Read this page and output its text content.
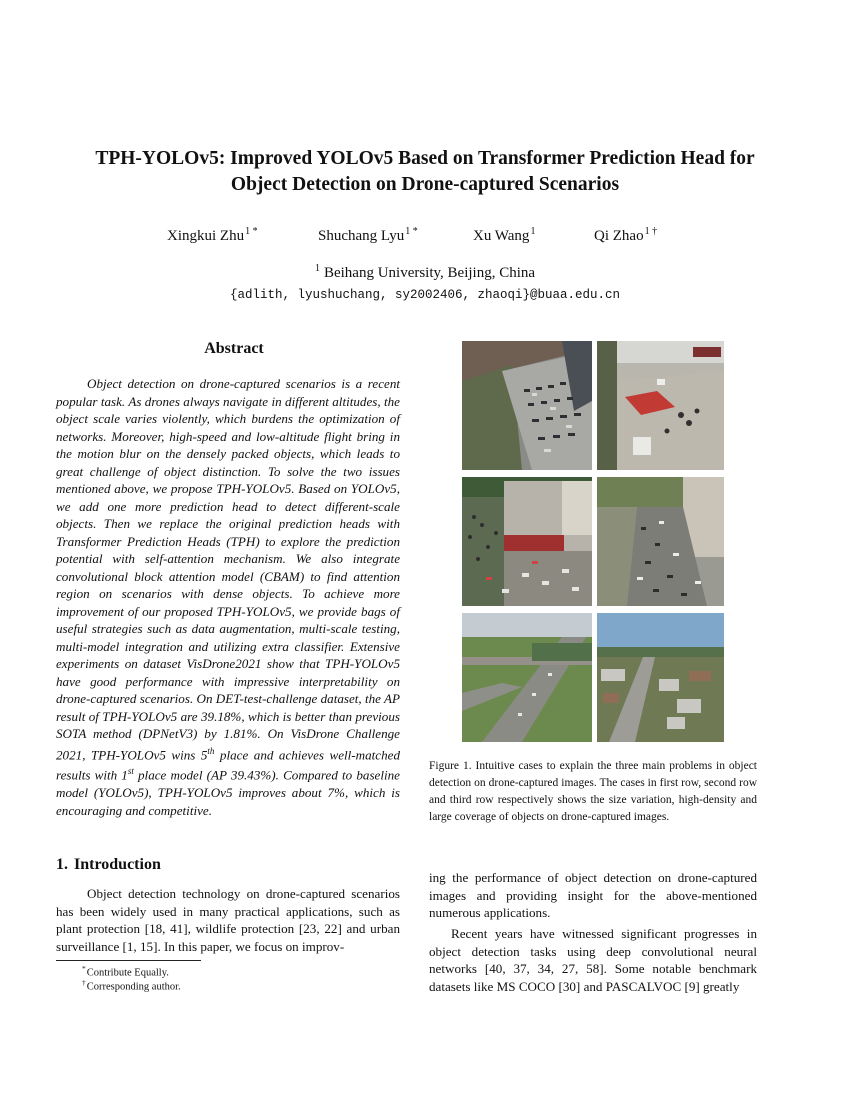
TPH-YOLOv5: Improved YOLOv5 Based on Transformer Prediction Head for
Object Detection on Drone-captured Scenarios
Xingkui Zhu$^{1 *}$	Shuchang Lyu$^{1 *}$	Xu Wang$^1$	Qi Zhao$^{1 \dagger}$
$^1$ Beihang University, Beijing, China
{adlith, lyushuchang, sy2002406, zhaoqi}@buaa.edu.cn
Abstract

Object detection on drone-captured scenarios is a recent popular task. As drones always navigate in different altitudes, the object scale varies violently, which burdens the optimization of networks. Moreover, high-speed and low-altitude flight bring in the motion blur on the densely packed objects, which leads to great challenge of object distinction. To solve the two issues mentioned above, we propose TPH-YOLOv5. Based on YOLOv5, we add one more prediction head to detect different-scale objects. Then we replace the original prediction heads with Transformer Prediction Heads (TPH) to explore the prediction potential with self-attention mechanism. We also integrate convolutional block attention model (CBAM) to find attention region on scenarios with dense objects. To achieve more improvement of our proposed TPH-YOLOv5, we provide bags of useful strategies such as data augmentation, multi-scale testing, multi-model integration and utilizing extra classifier. Extensive experiments on dataset VisDrone2021 show that TPH-YOLOv5 have good performance with impressive interpretability on drone-captured scenarios. On DET-test-challenge dataset, the AP result of TPH-YOLOv5 are 39.18%, which is better than previous SOTA method (DPNetV3) by 1.81%. On VisDrone Challenge 2021, TPH-YOLOv5 wins 5th place and achieves well-matched results with 1st place model (AP 39.43%). Compared to baseline model (YOLOv5), TPH-YOLOv5 improves about 7%, which is encouraging and competitive.

1. Introduction

Object detection technology on drone-captured scenarios has been widely used in many practical applications, such as plant protection [18, 41], wildlife protection [23, 22] and urban surveillance [1, 15]. In this paper, we focus on improv-

*Contribute Equally.
†Corresponding author.

Figure 1. Intuitive cases to explain the three main problems in object detection on drone-captured images. The cases in first row, second row and third row respectively shows the size variation, high-density and large coverage of objects on drone-captured images.

ing the performance of object detection on drone-captured images and providing insight for the above-mentioned numerous applications.

Recent years have witnessed significant progresses in object detection tasks using deep convolutional neural networks [40, 37, 34, 27, 58]. Some notable benchmark datasets like MS COCO [30] and PASCALVOC [9] greatly
